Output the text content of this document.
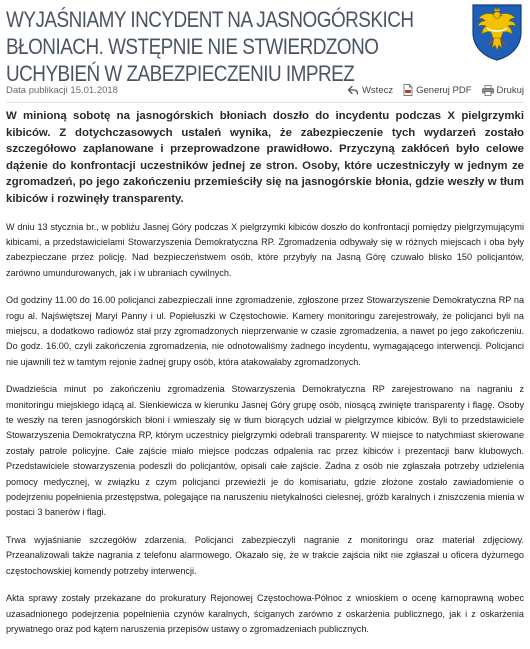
WYJAŚNIAMY INCYDENT NA JASNOGÓRSKICH BŁONIACH. WSTĘPNIE NIE STWIERDZONO UCHYBIEŃ W ZABEZPIECZENIU IMPREZ
Data publikacji 15.01.2018	Wstecz Generuj PDF	Drukuj

W minioną sobotę na jasnogórskich błoniach doszło do incydentu podczas X pielgrzymki kibiców. Z dotychczasowych ustaleń wynika, że zabezpieczenie tych wydarzeń zostało szczegółowo zaplanowane i przeprowadzone prawidłowo. Przyczyną zakłóceń było celowe dążenie do konfrontacji uczestników jednej ze stron. Osoby, które uczestniczyły w jednym ze zgromadzeń, po jego zakończeniu przemieściły się na jasnogórskie błonia, gdzie weszły w tłum kibiców i rozwinęły transparenty.

W dniu 13 stycznia br., w pobliżu Jasnej Góry podczas X pielgrzymki kibiców doszło do konfrontacji pomiędzy pielgrzymującymi kibicami, a przedstawicielami Stowarzyszenia Demokratyczna RP. Zgromadzenia odbywały się w różnych miejscach i oba były zabezpieczane przez policję. Nad bezpieczeństwem osób, które przybyły na Jasną Górę czuwało blisko 150 policjantów, zarówno umundurowanych, jak i w ubraniach cywilnych.

Od godziny 11.00 do 16.00 policjanci zabezpieczali inne zgromadzenie, zgłoszone przez Stowarzyszenie Demokratyczna RP na rogu al. Najświętszej Maryi Panny i ul. Popiełuszki w Częstochowie. Kamery monitoringu zarejestrowały, że policjanci byli na miejscu, a dodatkowo radiowóz stał przy zgromadzonych nieprzerwanie w czasie zgromadzenia, a nawet po jego zakończeniu. Do godz. 16.00, czyli zakończenia zgromadzenia, nie odnotowaliśmy żadnego incydentu, wymagającego interwencji. Policjanci nie ujawnili też w tamtym rejonie żadnej grupy osób, która atakowałaby zgromadzonych.

Dwadzieścia minut po zakończeniu zgromadzenia Stowarzyszenia Demokratyczna RP zarejestrowano na nagraniu z monitoringu miejskiego idącą al. Sienkiewicza w kierunku Jasnej Góry grupę osób, niosącą zwinięte transparenty i flagę. Osoby te weszły na teren jasnogórskich błoni i wmieszały się w tłum biorących udział w pielgrzymce kibiców. Byli to przedstawiciele Stowarzyszenia Demokratyczna RP, którym uczestnicy pielgrzymki odebrali transparenty. W miejsce to natychmiast skierowane zostały patrole policyjne. Całe zajście miało miejsce podczas odpalenia rac przez kibiców i prezentacji barw klubowych. Przedstawiciele stowarzyszenia podeszli do policjantów, opisali całe zajście. Żadna z osób nie zgłaszała potrzeby udzielenia pomocy medycznej, w związku z czym policjanci przewieźli je do komisariatu, gdzie złożone zostało zawiadomienie o podejrzeniu popełnienia przestępstwa, polegające na naruszeniu nietykalności cielesnej, gróźb karalnych i zniszczenia mienia w postaci 3 banerów i flagi.

Trwa wyjaśnianie szczegółów zdarzenia. Policjanci zabezpieczyli nagranie z monitoringu oraz materiał zdjęciowy. Przeanalizowali także nagrania z telefonu alarmowego. Okazało się, że w trakcie zajścia nikt nie zgłaszał u oficera dyżurnego częstochowskiej komendy potrzeby interwencji.

Akta sprawy zostały przekazane do prokuratury Rejonowej Częstochowa-Północ z wnioskiem o ocenę karnoprawną wobec uzasadnionego podejrzenia popełnienia czynów karalnych, ściganych zarówno z oskarżenia publicznego, jak i z oskarżenia prywatnego oraz pod kątem naruszenia przepisów ustawy o zgromadzeniach publicznych.
